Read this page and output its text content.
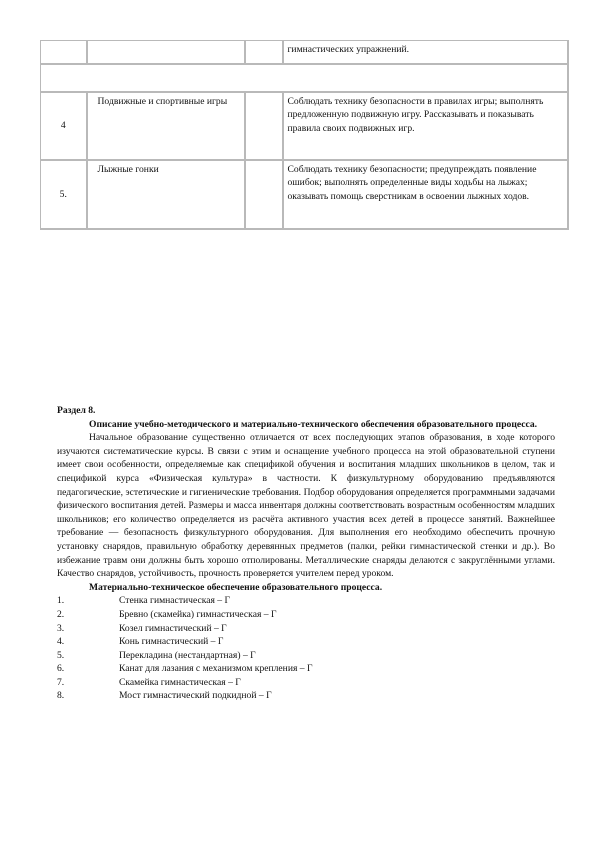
			гимнастических упражнений.

4	Подвижные и спортивные игры		Соблюдать технику безопасности в правилах игры; выполнять предложенную подвижную игру. Рассказывать и показывать правила своих подвижных игр.
5.	Лыжные гонки		Соблюдать технику безопасности; предупреждать появление ошибок; выполнять определенные виды ходьбы на лыжах; оказывать помощь сверстникам в освоении лыжных ходов.

Раздел 8.

Описание учебно-методического и материально-технического обеспечения образовательного процесса.

Начальное образование существенно отличается от всех последующих этапов образования, в ходе которого изучаются систематические курсы. В связи с этим и оснащение учебного процесса на этой образовательной ступени имеет свои особенности, определяемые как спецификой обучения и воспитания младших школьников в целом, так и спецификой курса «Физическая культура» в частности. К физкультурному оборудованию предъявляются педагогические, эстетические и гигиенические требования. Подбор оборудования определяется программными задачами физического воспитания детей. Размеры и масса инвентаря должны соответствовать возрастным особенностям младших школьников; его количество определяется из расчёта активного участия всех детей в процессе занятий. Важнейшее требование — безопасность физкультурного оборудования. Для выполнения его необходимо обеспечить прочную установку снарядов, правильную обработку деревянных предметов (палки, рейки гимнастической стенки и др.). Во избежание травм они должны быть хорошо отполированы. Металлические снаряды делаются с закруглёнными углами. Качество снарядов, устойчивость, прочность проверяется учителем перед уроком.

Материально-техническое обеспечение образовательного процесса.

1.	Стенка гимнастическая – Г
2.	Бревно (скамейка) гимнастическая – Г
3.	Козел гимнастический – Г
4.	Конь гимнастический – Г
5.	Перекладина (нестандартная) – Г
6.	Канат для лазания с механизмом крепления – Г
7.	Скамейка гимнастическая – Г
8.	Мост гимнастический подкидной – Г
